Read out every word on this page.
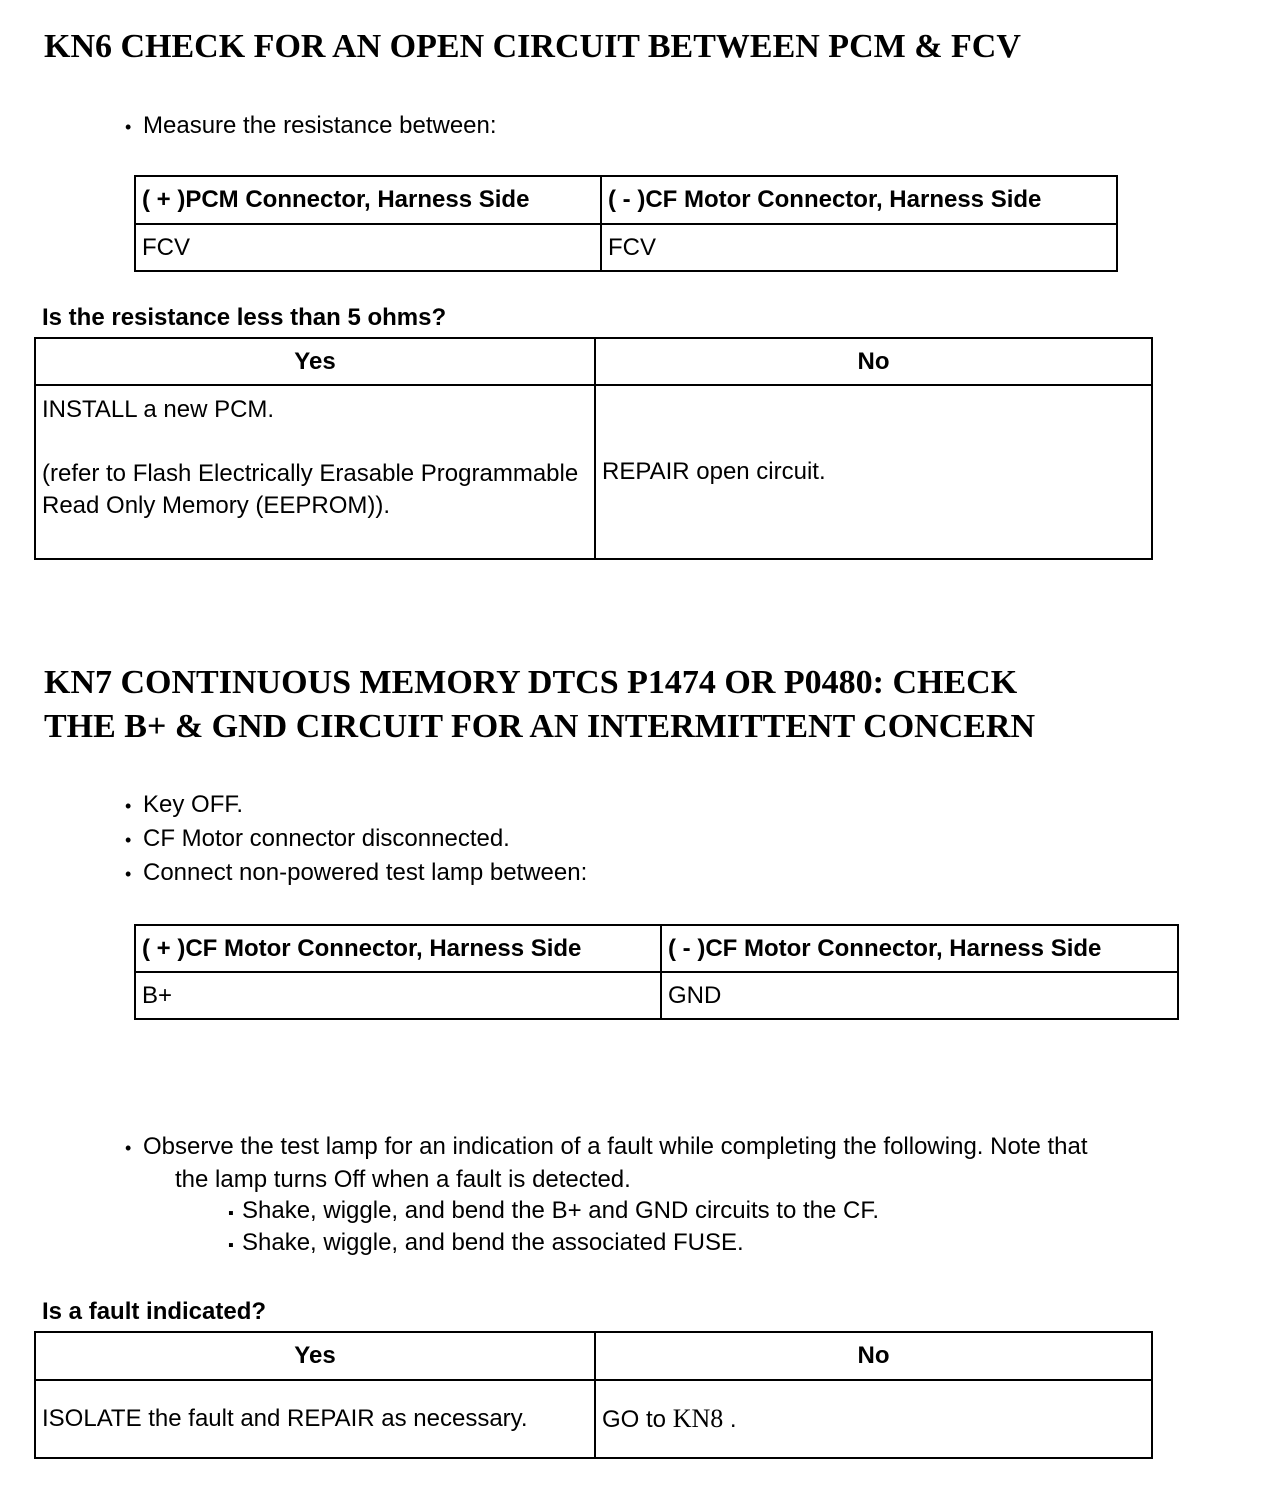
KN6 CHECK FOR AN OPEN CIRCUIT BETWEEN PCM & FCV
• Measure the resistance between:
( + )PCM Connector, Harness Side	( - )CF Motor Connector, Harness Side
FCV	FCV
Is the resistance less than 5 ohms?
Yes	No

INSTALL a new PCM.
(refer to Flash Electrically Erasable Programmable Read Only Memory (EEPROM)).	REPAIR open circuit.
KN7 CONTINUOUS MEMORY DTCS P1474 OR P0480: CHECK
THE B+ & GND CIRCUIT FOR AN INTERMITTENT CONCERN
• Key OFF.
• CF Motor connector disconnected.
• Connect non-powered test lamp between:
( + )CF Motor Connector, Harness Side	( - )CF Motor Connector, Harness Side
B+	GND
• Observe the test lamp for an indication of a fault while completing the following. Note that
the lamp turns Off when a fault is detected.
▪ Shake, wiggle, and bend the B+ and GND circuits to the CF.
▪ Shake, wiggle, and bend the associated FUSE.
Is a fault indicated?
Yes	No
ISOLATE the fault and REPAIR as necessary.	GO to KN8 .
